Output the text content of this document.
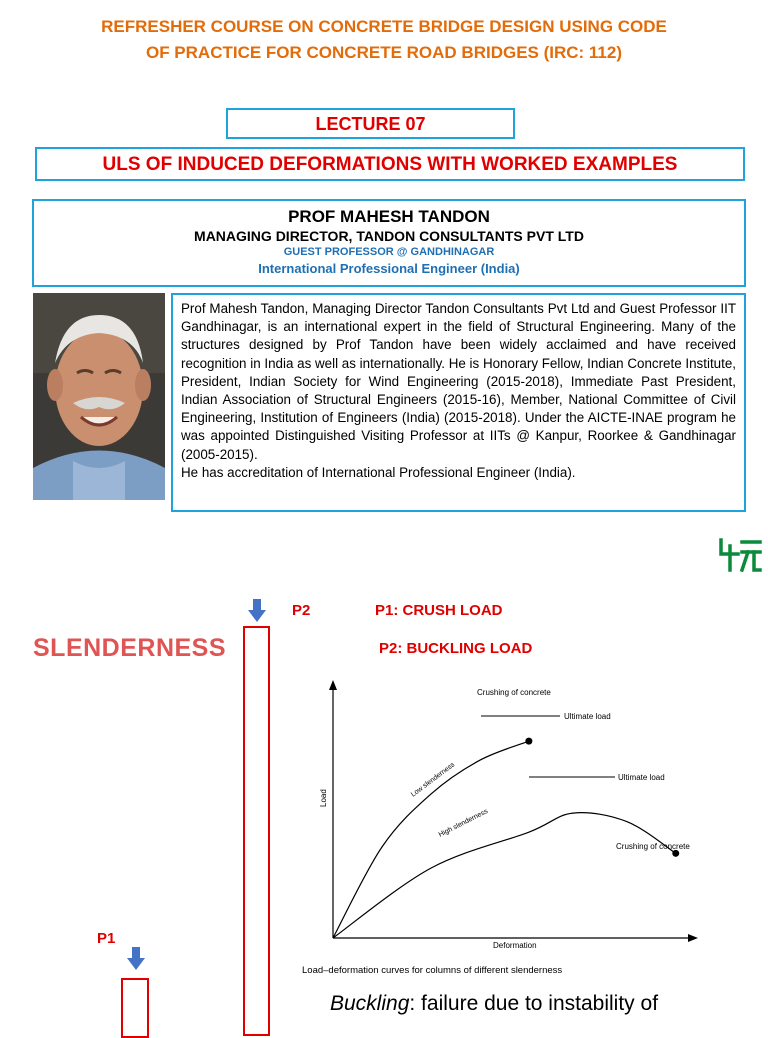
REFRESHER COURSE ON CONCRETE BRIDGE DESIGN USING CODE
OF PRACTICE FOR CONCRETE ROAD BRIDGES (IRC: 112)
LECTURE 07
ULS OF INDUCED DEFORMATIONS WITH WORKED EXAMPLES
PROF MAHESH TANDON
MANAGING DIRECTOR, TANDON CONSULTANTS PVT LTD
GUEST PROFESSOR @ GANDHINAGAR
International Professional Engineer (India)

Prof Mahesh Tandon, Managing Director Tandon Consultants Pvt Ltd and Guest Professor IIT Gandhinagar, is an international expert in the field of Structural Engineering. Many of the structures designed by Prof Tandon have been widely acclaimed and have received recognition in India as well as internationally. He is Honorary Fellow, Indian Concrete Institute, President, Indian Society for Wind Engineering (2015-2018), Immediate Past President, Indian Association of Structural Engineers (2015-16), Member, National Committee of Civil Engineering, Institution of Engineers (India) (2015-2018). Under the AICTE-INAE program he was appointed Distinguished Visiting Professor at IITs @ Kanpur, Roorkee & Gandhinagar (2005-2015).

He has accreditation of International Professional Engineer (India).

SLENDERNESS
P2	P1: CRUSH LOAD
P2: BUCKLING LOAD
P1
Load
Deformation
Crushing of concrete
Ultimate load
Ultimate load
Crushing of concrete
Low slenderness
High slenderness
Load–deformation curves for columns of different slenderness
Buckling: failure due to instability of
